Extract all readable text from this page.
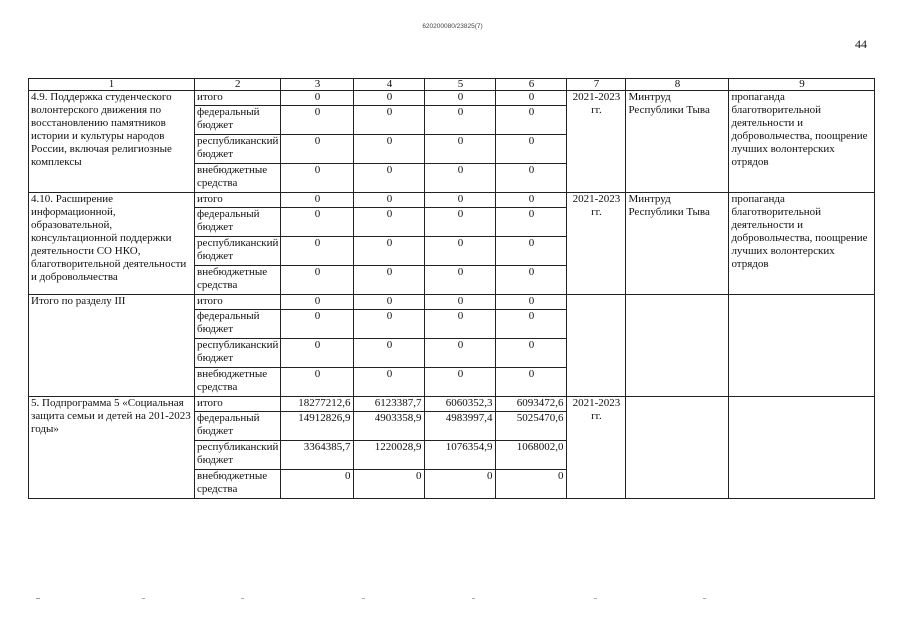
620200080/23825(7)
44
1	2	3	4	5	6	7	8	9
4.9. Поддержка студенческого волонтерского движения по восстановлению памятников истории и культуры народов России, включая религиозные комплексы	итого	0	0	0	0	2021-2023 гг.	Минтруд Республики Тыва	пропаганда благотворительной деятельности и добровольчества, поощрение лучших волонтерских отрядов
	федеральный бюджет	0	0	0	0			
	республиканский бюджет	0	0	0	0			
	внебюджетные средства	0	0	0	0			
4.10. Расширение информационной, образовательной, консультационной поддержки деятельности СО НКО, благотворительной деятельности и добровольчества	итого	0	0	0	0	2021-2023 гг.	Минтруд Республики Тыва	пропаганда благотворительной деятельности и добровольчества, поощрение лучших волонтерских отрядов
	федеральный бюджет	0	0	0	0			
	республиканский бюджет	0	0	0	0			
	внебюджетные средства	0	0	0	0			
Итого по разделу III	итого	0	0	0	0			
	федеральный бюджет	0	0	0	0			
	республиканский бюджет	0	0	0	0			
	внебюджетные средства	0	0	0	0			
5. Подпрограмма 5 «Социальная защита семьи и детей на 201-2023 годы»	итого	18277212,6	6123387,7	6060352,3	6093472,6	2021-2023 гг.		
	федеральный бюджет	14912826,9	4903358,9	4983997,4	5025470,6			
	республиканский бюджет	3364385,7	1220028,9	1076354,9	1068002,0			
	внебюджетные средства	0	0	0	0			
